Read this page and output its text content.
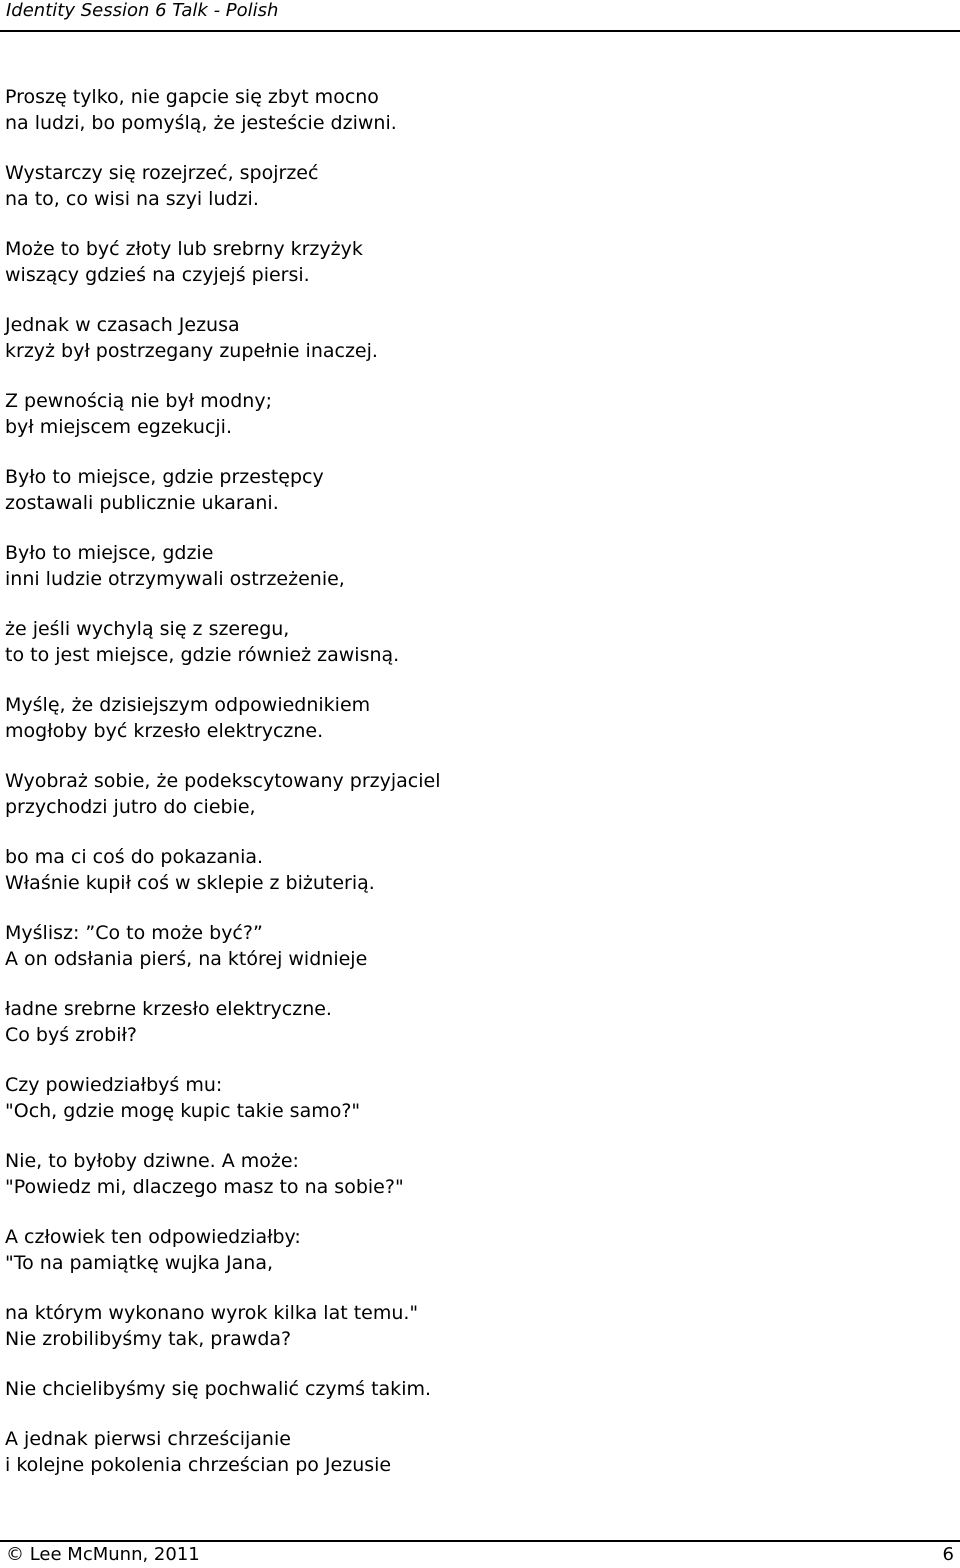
Identity Session 6 Talk - Polish
Proszę tylko, nie gapcie się zbyt mocno
na ludzi, bo pomyślą, że jesteście dziwni.
Wystarczy się rozejrzeć, spojrzeć
na to, co wisi na szyi ludzi.
Może to być złoty lub srebrny krzyżyk
wiszący gdzieś na czyjejś piersi.
Jednak w czasach Jezusa
krzyż był postrzegany zupełnie inaczej.
Z pewnością nie był modny;
był miejscem egzekucji.
Było to miejsce, gdzie przestępcy
zostawali publicznie ukarani.
Było to miejsce, gdzie
inni ludzie otrzymywali ostrzeżenie,
że jeśli wychylą się z szeregu,
to to jest miejsce, gdzie również zawisną.
Myślę, że dzisiejszym odpowiednikiem
mogłoby być krzesło elektryczne.
Wyobraż sobie, że podekscytowany przyjaciel
przychodzi jutro do ciebie,
bo ma ci coś do pokazania.
Właśnie kupił coś w sklepie z biżuterią.
Myślisz: ”Co to może być?”
A on odsłania pierś, na której widnieje
ładne srebrne krzesło elektryczne.
Co byś zrobił?
Czy powiedziałbyś mu:
"Och, gdzie mogę kupic takie samo?"
Nie, to byłoby dziwne. A może:
"Powiedz mi, dlaczego masz to na sobie?"
A człowiek ten odpowiedziałby:
"To na pamiątkę wujka Jana,
na którym wykonano wyrok kilka lat temu."
Nie zrobilibyśmy tak, prawda?
Nie chcielibyśmy się pochwalić czymś takim.
A jednak pierwsi chrześcijanie
i kolejne pokolenia chrześcian po Jezusie
© Lee McMunn, 2011	6
